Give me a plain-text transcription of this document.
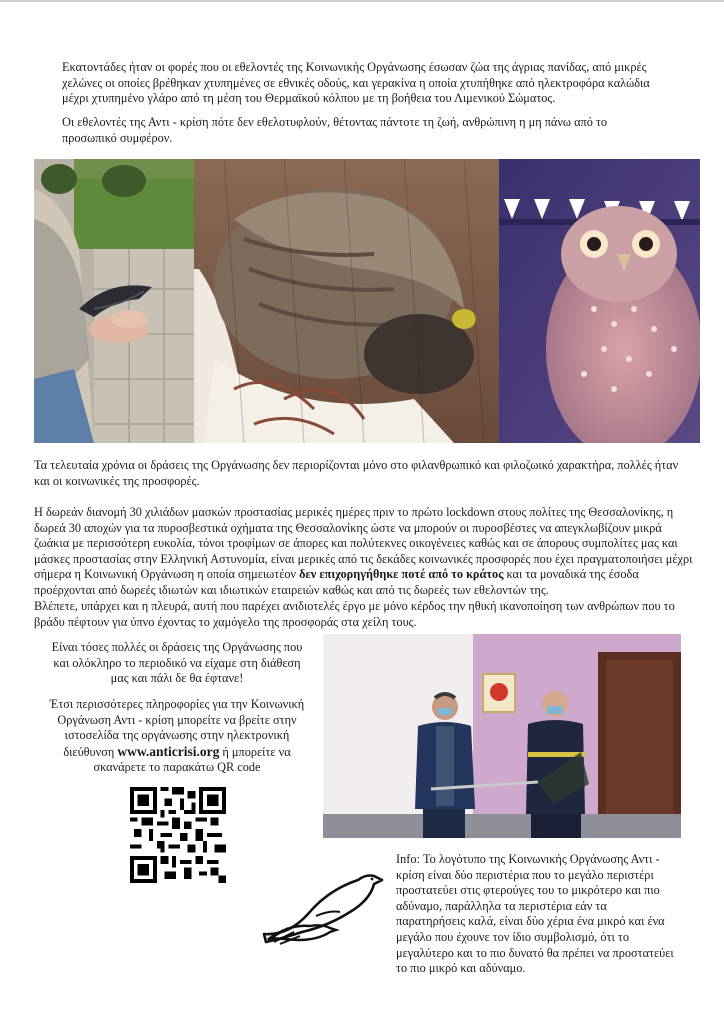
Εκατοντάδες ήταν οι φορές που οι εθελοντές της Κοινωνικής Οργάνωσης έσωσαν ζώα της άγριας πανίδας, από μικρές χελώνες οι οποίες βρέθηκαν χτυπημένες σε εθνικές οδούς, και γερακίνα η οποία χτυπήθηκε από ηλεκτροφόρα καλώδια μέχρι χτυπημένο γλάρο από τη μέση του Θερμαϊκού κόλπου με τη βοήθεια του Λιμενικού Σώματος.

Οι εθελοντές της Αντι - κρίση πότε δεν εθελοτυφλούν, θέτοντας πάντοτε τη ζωή, ανθρώπινη η μη πάνω από το προσωπικό συμφέρον.

Τα τελευταία χρόνια οι δράσεις της Οργάνωσης δεν περιορίζονται μόνο στο φιλανθρωπικό και φιλοζωικό χαρακτήρα, πολλές ήταν και οι κοινωνικές της προσφορές.

Η δωρεάν διανομή 30 χιλιάδων μασκών προστασίας μερικές ημέρες πριν το πρώτο lockdown στους πολίτες της Θεσσαλονίκης, η δωρεά 30 αποχών για τα πυροσβεστικά οχήματα της Θεσσαλονίκης ώστε να μπορούν οι πυροσβέστες να απεγκλωβίζουν μικρά ζωάκια με περισσότερη ευκολία, τόνοι τροφίμων σε άπορες και πολύτεκνες οικογένειες καθώς και σε άπορους συμπολίτες μας και μάσκες προστασίας στην Ελληνική Αστυνομία, είναι μερικές από τις δεκάδες κοινωνικές προσφορές που έχει πραγματοποιήσει μέχρι σήμερα η Κοινωνική Οργάνωση η οποία σημειωτέον δεν επιχορηγήθηκε ποτέ από το κράτος και τα μοναδικά της έσοδα προέρχονται από δωρεές ιδιωτών και ιδιωτικών εταιρειών καθώς και από τις δωρεές των εθελοντών της.

Βλέπετε, υπάρχει και η πλευρά, αυτή που παρέχει ανιδιοτελές έργο με μόνο κέρδος την ηθική ικανοποίηση των ανθρώπων που το βράδυ πέφτουν για ύπνο έχοντας το χαμόγελο της προσφοράς στα χείλη τους.

Είναι τόσες πολλές οι δράσεις της Οργάνωσης που και ολόκληρο το περιοδικό να είχαμε στη διάθεση μας και πάλι δε θα έφτανε!

Έτσι περισσότερες πληροφορίες για την Κοινωνική Οργάνωση Αντι - κρίση μπορείτε να βρείτε στην ιστοσελίδα της οργάνωσης στην ηλεκτρονική διεύθυνση www.anticrisi.org ή μπορείτε να σκανάρετε το παρακάτω QR code

Info: Το λογότυπο της Κοινωνικής Οργάνωσης Αντι - κρίση είναι δύο περιστέρια που το μεγάλο περιστέρι προστατεύει στις φτερούγες του το μικρότερο και πιο αδύναμο, παράλληλα τα περιστέρια εάν τα παρατηρήσεις καλά, είναι δύο χέρια ένα μικρό και ένα μεγάλο που έχουνε τον ίδιο συμβολισμό, ότι το μεγαλύτερο και το πιο δυνατό θα πρέπει να προστατεύει το πιο μικρό και αδύναμο.
